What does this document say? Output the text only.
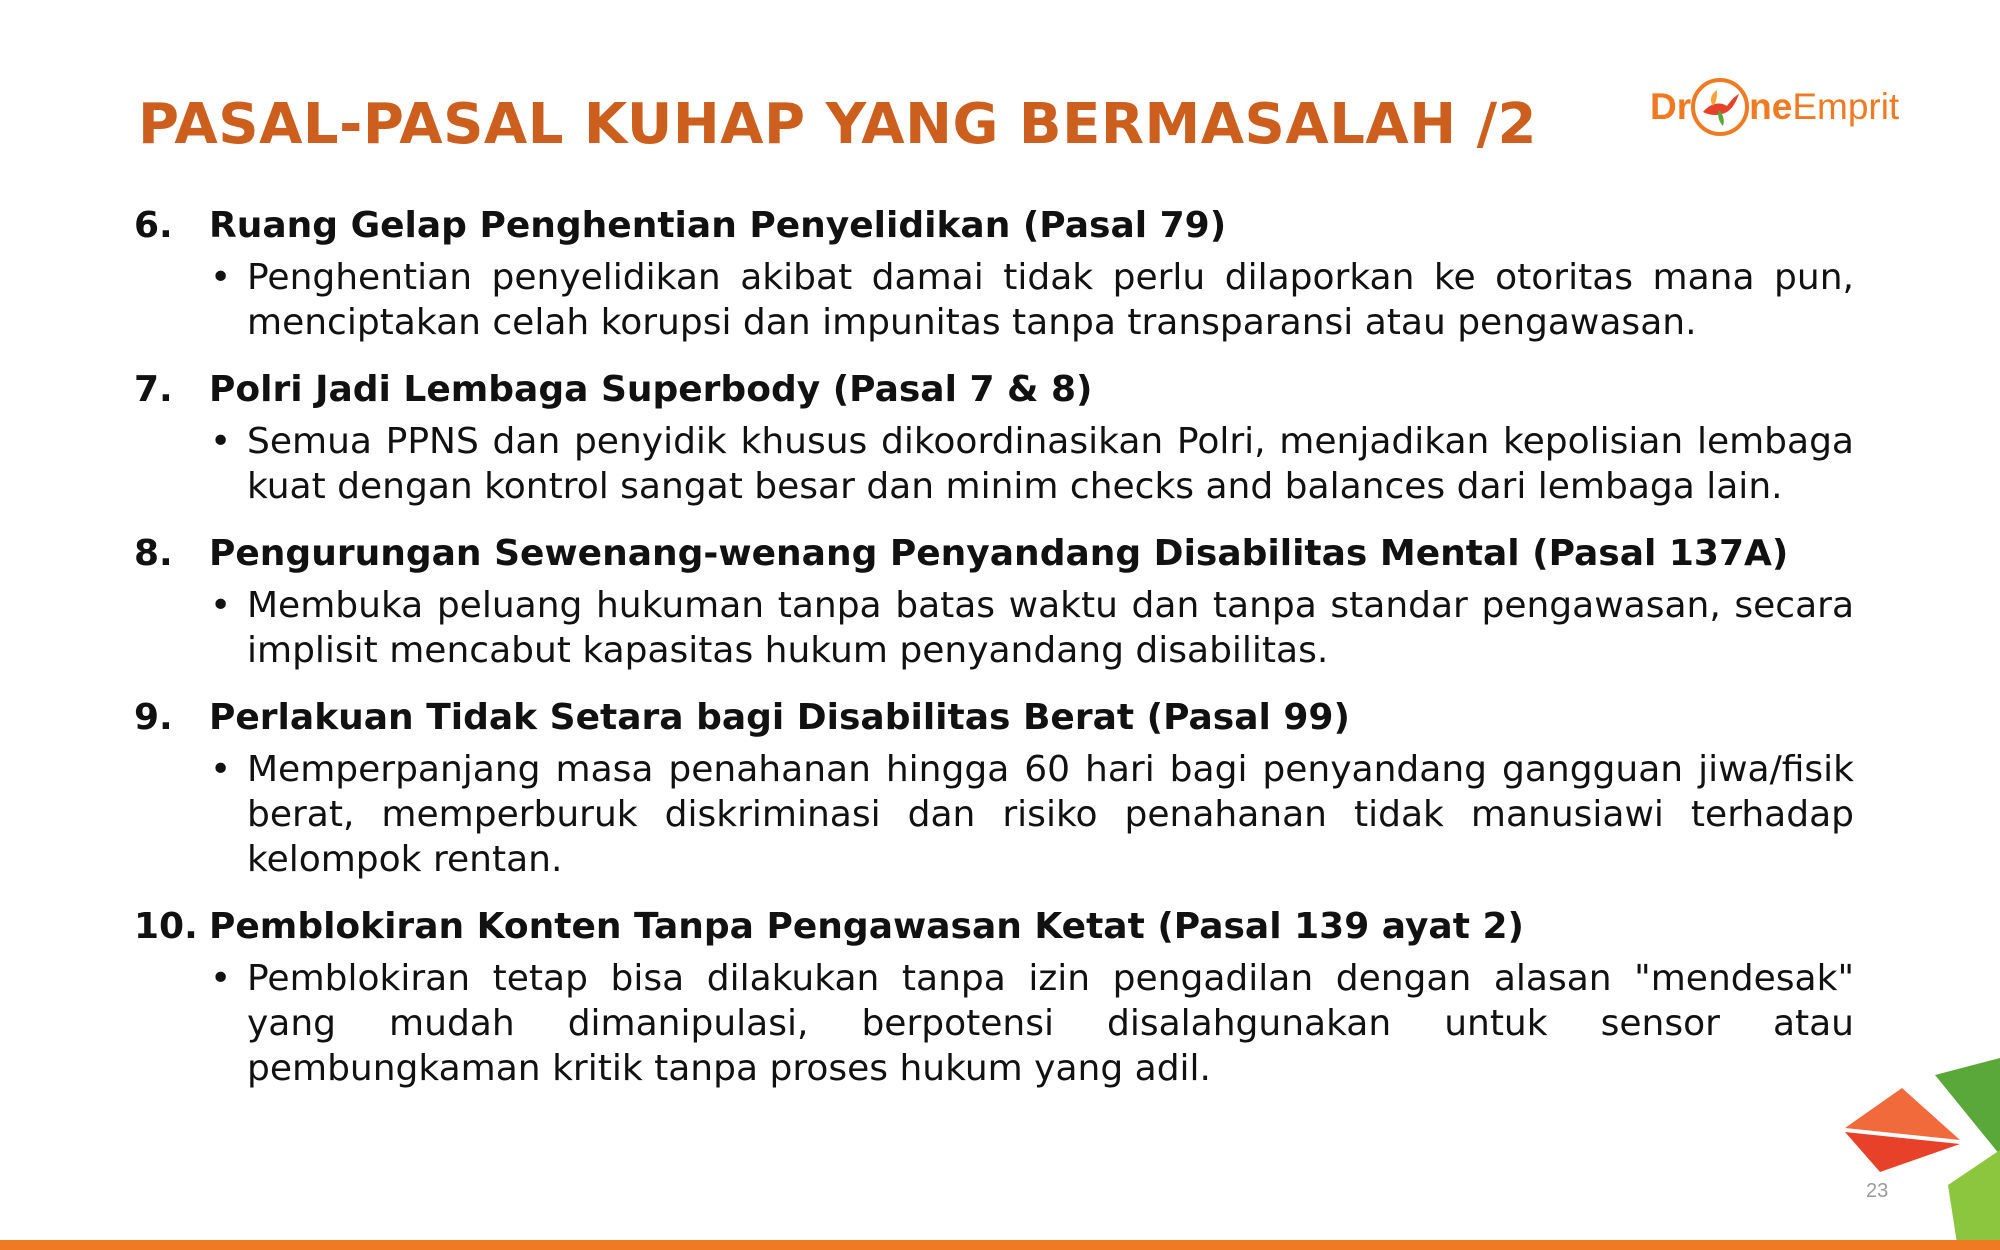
PASAL-PASAL KUHAP YANG BERMASALAH /2	Dr ne Emprit
6.	Ruang Gelap Penghentian Penyelidikan (Pasal 79)
• Penghentian penyelidikan akibat damai tidak perlu dilaporkan ke otoritas mana pun, menciptakan celah korupsi dan impunitas tanpa transparansi atau pengawasan.
7.	Polri Jadi Lembaga Superbody (Pasal 7 & 8)
• Semua PPNS dan penyidik khusus dikoordinasikan Polri, menjadikan kepolisian lembaga kuat dengan kontrol sangat besar dan minim checks and balances dari lembaga lain.
8.	Pengurungan Sewenang-wenang Penyandang Disabilitas Mental (Pasal 137A)
• Membuka peluang hukuman tanpa batas waktu dan tanpa standar pengawasan, secara implisit mencabut kapasitas hukum penyandang disabilitas.
9.	Perlakuan Tidak Setara bagi Disabilitas Berat (Pasal 99)
• Memperpanjang masa penahanan hingga 60 hari bagi penyandang gangguan jiwa/fisik berat, memperburuk diskriminasi dan risiko penahanan tidak manusiawi terhadap kelompok rentan.
10. Pemblokiran Konten Tanpa Pengawasan Ketat (Pasal 139 ayat 2)
• Pemblokiran tetap bisa dilakukan tanpa izin pengadilan dengan alasan "mendesak" yang mudah dimanipulasi, berpotensi disalahgunakan untuk sensor atau pembungkaman kritik tanpa proses hukum yang adil.
23
